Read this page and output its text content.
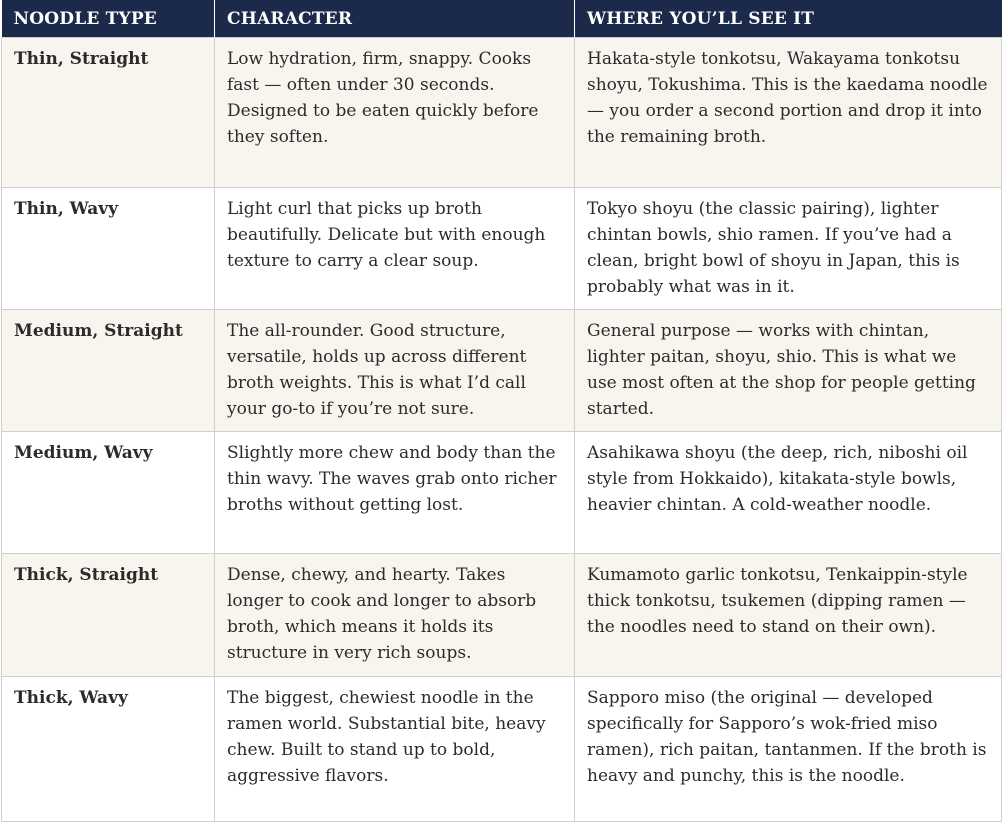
NOODLE TYPE	CHARACTER	WHERE YOU’LL SEE IT
Thin, Straight	Low hydration, firm, snappy. Cooks fast — often under 30 seconds. Designed to be eaten quickly before they soften.	Hakata-style tonkotsu, Wakayama tonkotsu shoyu, Tokushima. This is the kaedama noodle — you order a second portion and drop it into the remaining broth.
Thin, Wavy	Light curl that picks up broth beautifully. Delicate but with enough texture to carry a clear soup.	Tokyo shoyu (the classic pairing), lighter chintan bowls, shio ramen. If you’ve had a clean, bright bowl of shoyu in Japan, this is probably what was in it.
Medium, Straight	The all-rounder. Good structure, versatile, holds up across different broth weights. This is what I’d call your go-to if you’re not sure.	General purpose — works with chintan, lighter paitan, shoyu, shio. This is what we use most often at the shop for people getting started.
Medium, Wavy	Slightly more chew and body than the thin wavy. The waves grab onto richer broths without getting lost.	Asahikawa shoyu (the deep, rich, niboshi oil style from Hokkaido), kitakata-style bowls, heavier chintan. A cold-weather noodle.
Thick, Straight	Dense, chewy, and hearty. Takes longer to cook and longer to absorb broth, which means it holds its structure in very rich soups.	Kumamoto garlic tonkotsu, Tenkaippin-style thick tonkotsu, tsukemen (dipping ramen — the noodles need to stand on their own).
Thick, Wavy	The biggest, chewiest noodle in the ramen world. Substantial bite, heavy chew. Built to stand up to bold, aggressive flavors.	Sapporo miso (the original — developed specifically for Sapporo’s wok-fried miso ramen), rich paitan, tantanmen. If the broth is heavy and punchy, this is the noodle.
